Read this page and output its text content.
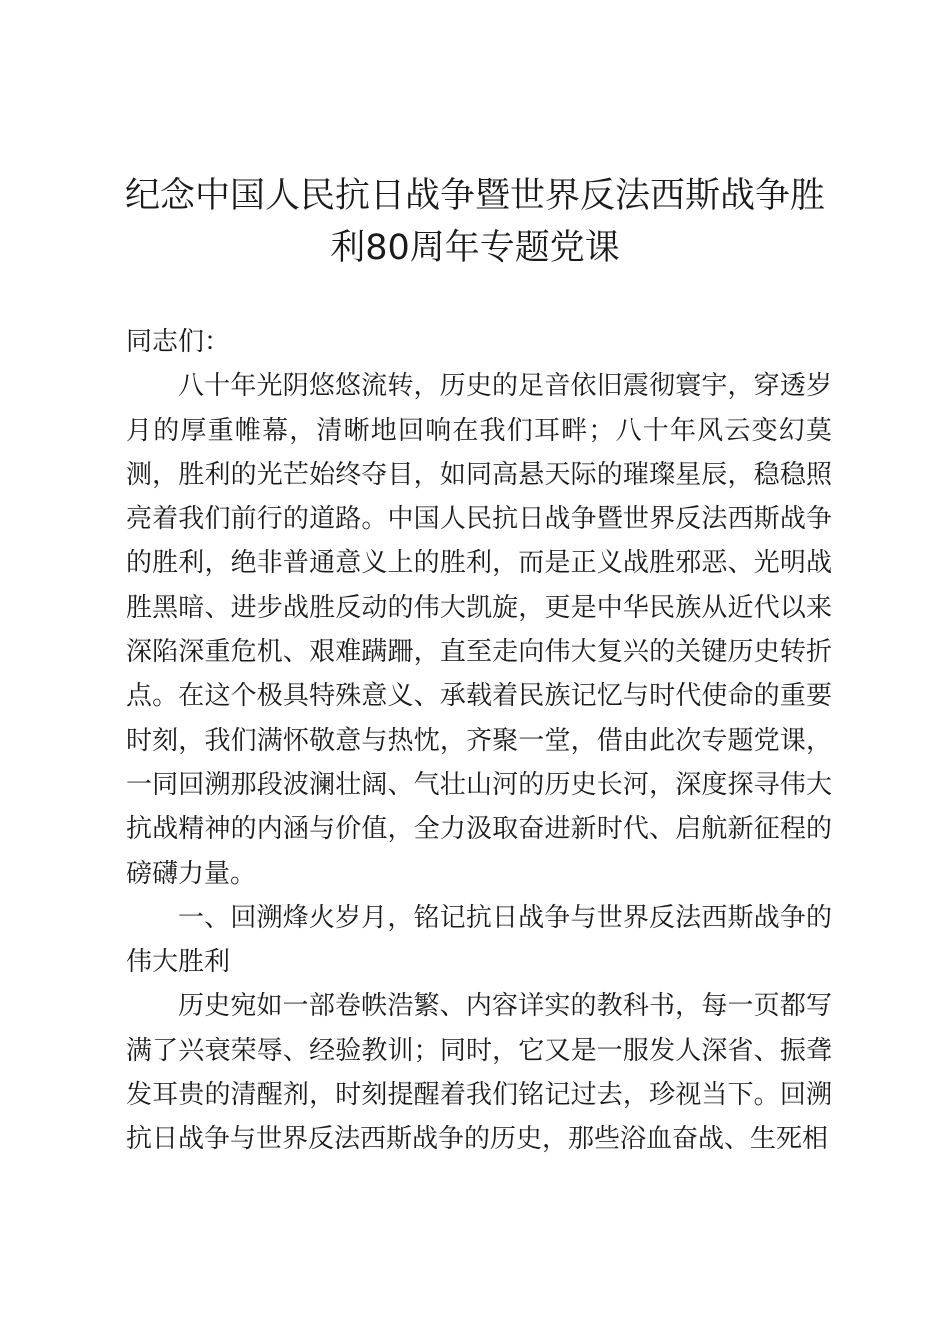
纪念中国人民抗日战争暨世界反法西斯战争胜利80周年专题党课

同志们：

八十年光阴悠悠流转，历史的足音依旧震彻寰宇，穿透岁月的厚重帷幕，清晰地回响在我们耳畔；八十年风云变幻莫测，胜利的光芒始终夺目，如同高悬天际的璀璨星辰，稳稳照亮着我们前行的道路。中国人民抗日战争暨世界反法西斯战争的胜利，绝非普通意义上的胜利，而是正义战胜邪恶、光明战胜黑暗、进步战胜反动的伟大凯旋，更是中华民族从近代以来深陷深重危机、艰难蹒跚，直至走向伟大复兴的关键历史转折点。在这个极具特殊意义、承载着民族记忆与时代使命的重要时刻，我们满怀敬意与热忱，齐聚一堂，借由此次专题党课，一同回溯那段波澜壮阔、气壮山河的历史长河，深度探寻伟大抗战精神的内涵与价值，全力汲取奋进新时代、启航新征程的磅礴力量。

一、回溯烽火岁月，铭记抗日战争与世界反法西斯战争的伟大胜利

历史宛如一部卷帙浩繁、内容详实的教科书，每一页都写满了兴衰荣辱、经验教训；同时，它又是一服发人深省、振聋发耳贵的清醒剂，时刻提醒着我们铭记过去，珍视当下。回溯抗日战争与世界反法西斯战争的历史，那些浴血奋战、生死相
